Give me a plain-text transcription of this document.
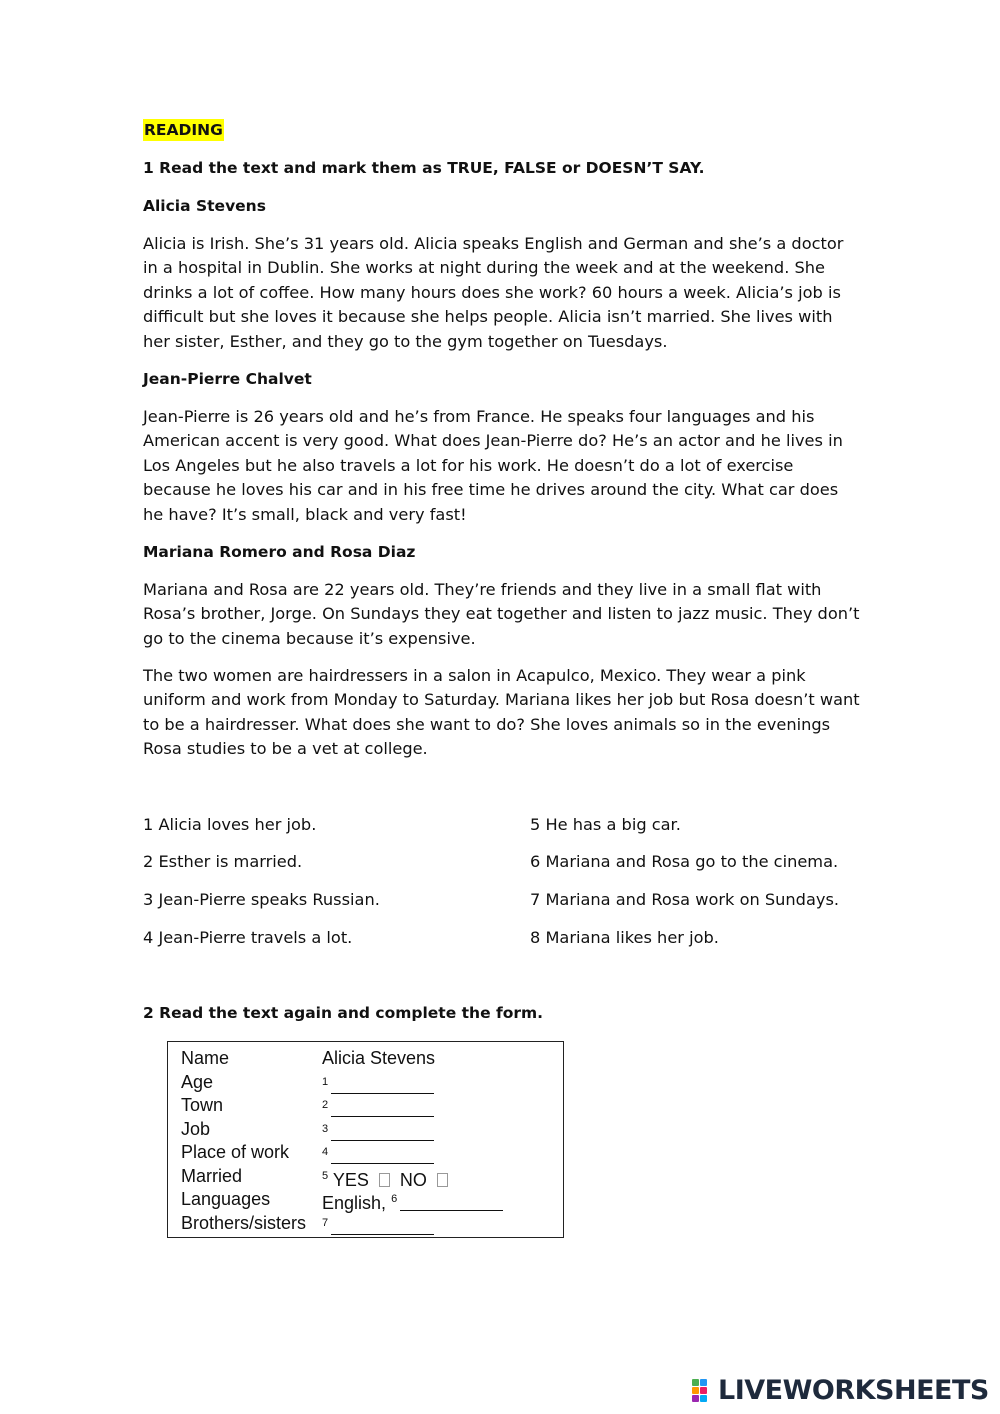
READING
1 Read the text and mark them as TRUE, FALSE or DOESN’T SAY.
Alicia Stevens
Alicia is Irish. She’s 31 years old. Alicia speaks English and German and she’s a doctor in a hospital in Dublin. She works at night during the week and at the weekend. She drinks a lot of coffee. How many hours does she work? 60 hours a week. Alicia’s job is difficult but she loves it because she helps people. Alicia isn’t married. She lives with her sister, Esther, and they go to the gym together on Tuesdays.
Jean-Pierre Chalvet
Jean-Pierre is 26 years old and he’s from France. He speaks four languages and his American accent is very good. What does Jean-Pierre do? He’s an actor and he lives in Los Angeles but he also travels a lot for his work. He doesn’t do a lot of exercise because he loves his car and in his free time he drives around the city. What car does he have? It’s small, black and very fast!
Mariana Romero and Rosa Diaz
Mariana and Rosa are 22 years old. They’re friends and they live in a small flat with Rosa’s brother, Jorge. On Sundays they eat together and listen to jazz music. They don’t go to the cinema because it’s expensive.
The two women are hairdressers in a salon in Acapulco, Mexico. They wear a pink uniform and work from Monday to Saturday. Mariana likes her job but Rosa doesn’t want to be a hairdresser. What does she want to do? She loves animals so in the evenings Rosa studies to be a vet at college.
1 Alicia loves her job.
2 Esther is married.
3 Jean-Pierre speaks Russian.
4 Jean-Pierre travels a lot.
5 He has a big car.
6 Mariana and Rosa go to the cinema.
7 Mariana and Rosa work on Sundays.
8 Mariana likes her job.
2 Read the text again and complete the form.
Name	Alicia Stevens
Age	$^1$
Town	$^2$
Job	$^3$
Place of work	$^4$
Married	$^5$ YES NO
Languages	English, $^6$
Brothers/sisters $^7$
LIVEWORKSHEETS
